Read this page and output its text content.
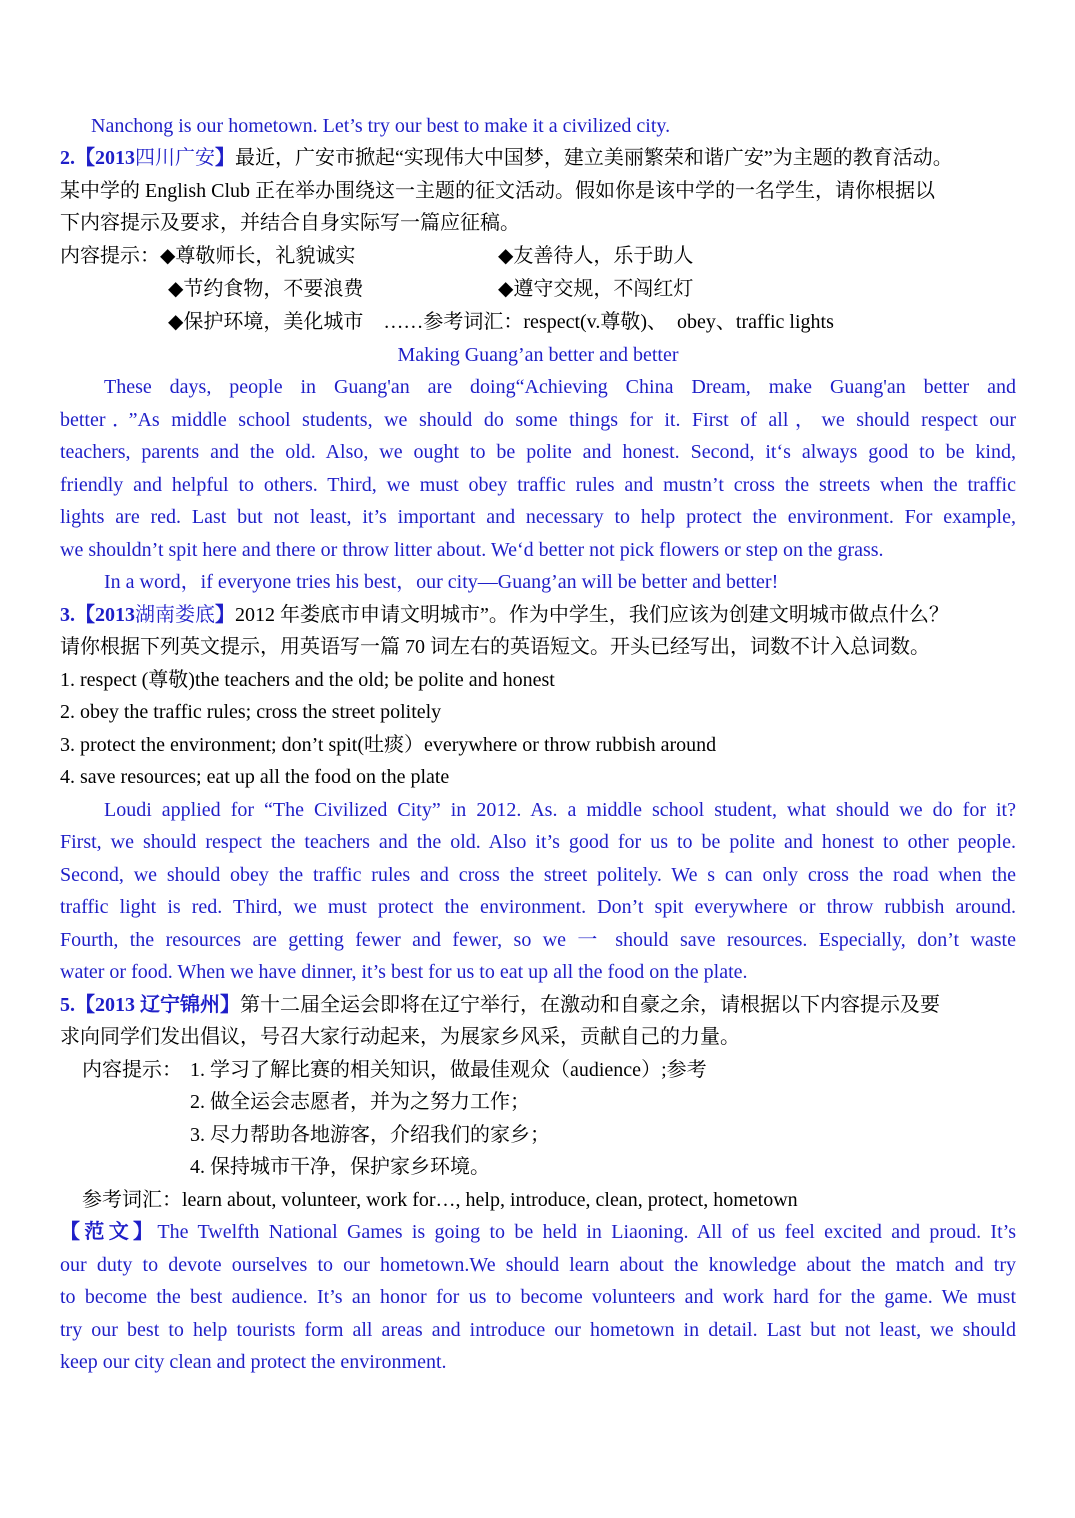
Nanchong is our hometown. Let’s try our best to make it a civilized city.
2.【2013四川广安】最近，广安市掀起“实现伟大中国梦，建立美丽繁荣和谐广安”为主题的教育活动。
某中学的 English Club 正在举办围绕这一主题的征文活动。假如你是该中学的一名学生，请你根据以
下内容提示及要求，并结合自身实际写一篇应征稿。
内容提示：◆尊敬师长，礼貌诚实	◆友善待人，乐于助人
◆节约食物，不要浪费	◆遵守交规，不闯红灯
◆保护环境，美化城市　……参考词汇：respect(v.尊敬)、　obey、traffic lights
Making Guang’an better and better
These days, people in Guang'an are doing“Achieving China Dream, make Guang'an better and
better．”As middle school students, we should do some things for it. First of all，we should respect our
teachers, parents and the old. Also, we ought to be polite and honest. Second, it‘s always good to be kind,
friendly and helpful to others. Third, we must obey traffic rules and mustn’t cross the streets when the traffic
lights are red. Last but not least, it’s important and necessary to help protect the environment. For example,
we shouldn’t spit here and there or throw litter about. We‘d better not pick flowers or step on the grass.
In a word，if everyone tries his best，our city—Guang’an will be better and better!
3.【2013湖南娄底】2012 年娄底市申请文明城市”。作为中学生，我们应该为创建文明城市做点什么？
请你根据下列英文提示，用英语写一篇 70 词左右的英语短文。开头已经写出，词数不计入总词数。
1. respect (尊敬)the teachers and the old; be polite and honest
2. obey the traffic rules; cross the street politely
3. protect the environment; don’t spit(吐痰）everywhere or throw rubbish around
4. save resources; eat up all the food on the plate
Loudi applied for “The Civilized City” in 2012. As. a middle school student, what should we do for it?
First, we should respect the teachers and the old. Also it’s good for us to be polite and honest to other people.
Second, we should obey the traffic rules and cross the street politely. We s can only cross the road when the
traffic light is red. Third, we must protect the environment. Don’t spit everywhere or throw rubbish around.
Fourth, the resources are getting fewer and fewer, so we 一 should save resources. Especially, don’t waste
water or food. When we have dinner, it’s best for us to eat up all the food on the plate.
5.【2013 辽宁锦州】第十二届全运会即将在辽宁举行，在激动和自豪之余，请根据以下内容提示及要
求向同学们发出倡议，号召大家行动起来，为展家乡风采，贡献自己的力量。
内容提示： 1. 学习了解比赛的相关知识，做最佳观众（audience）;参考
2. 做全运会志愿者，并为之努力工作；
3. 尽力帮助各地游客，介绍我们的家乡；
4. 保持城市干净，保护家乡环境。
参考词汇：learn about, volunteer, work for…, help, introduce, clean, protect, hometown
【范文】The Twelfth National Games is going to be held in Liaoning. All of us feel excited and proud. It’s
our duty to devote ourselves to our hometown.We should learn about the knowledge about the match and try
to become the best audience. It’s an honor for us to become volunteers and work hard for the game. We must
try our best to help tourists form all areas and introduce our hometown in detail. Last but not least, we should
keep our city clean and protect the environment.
